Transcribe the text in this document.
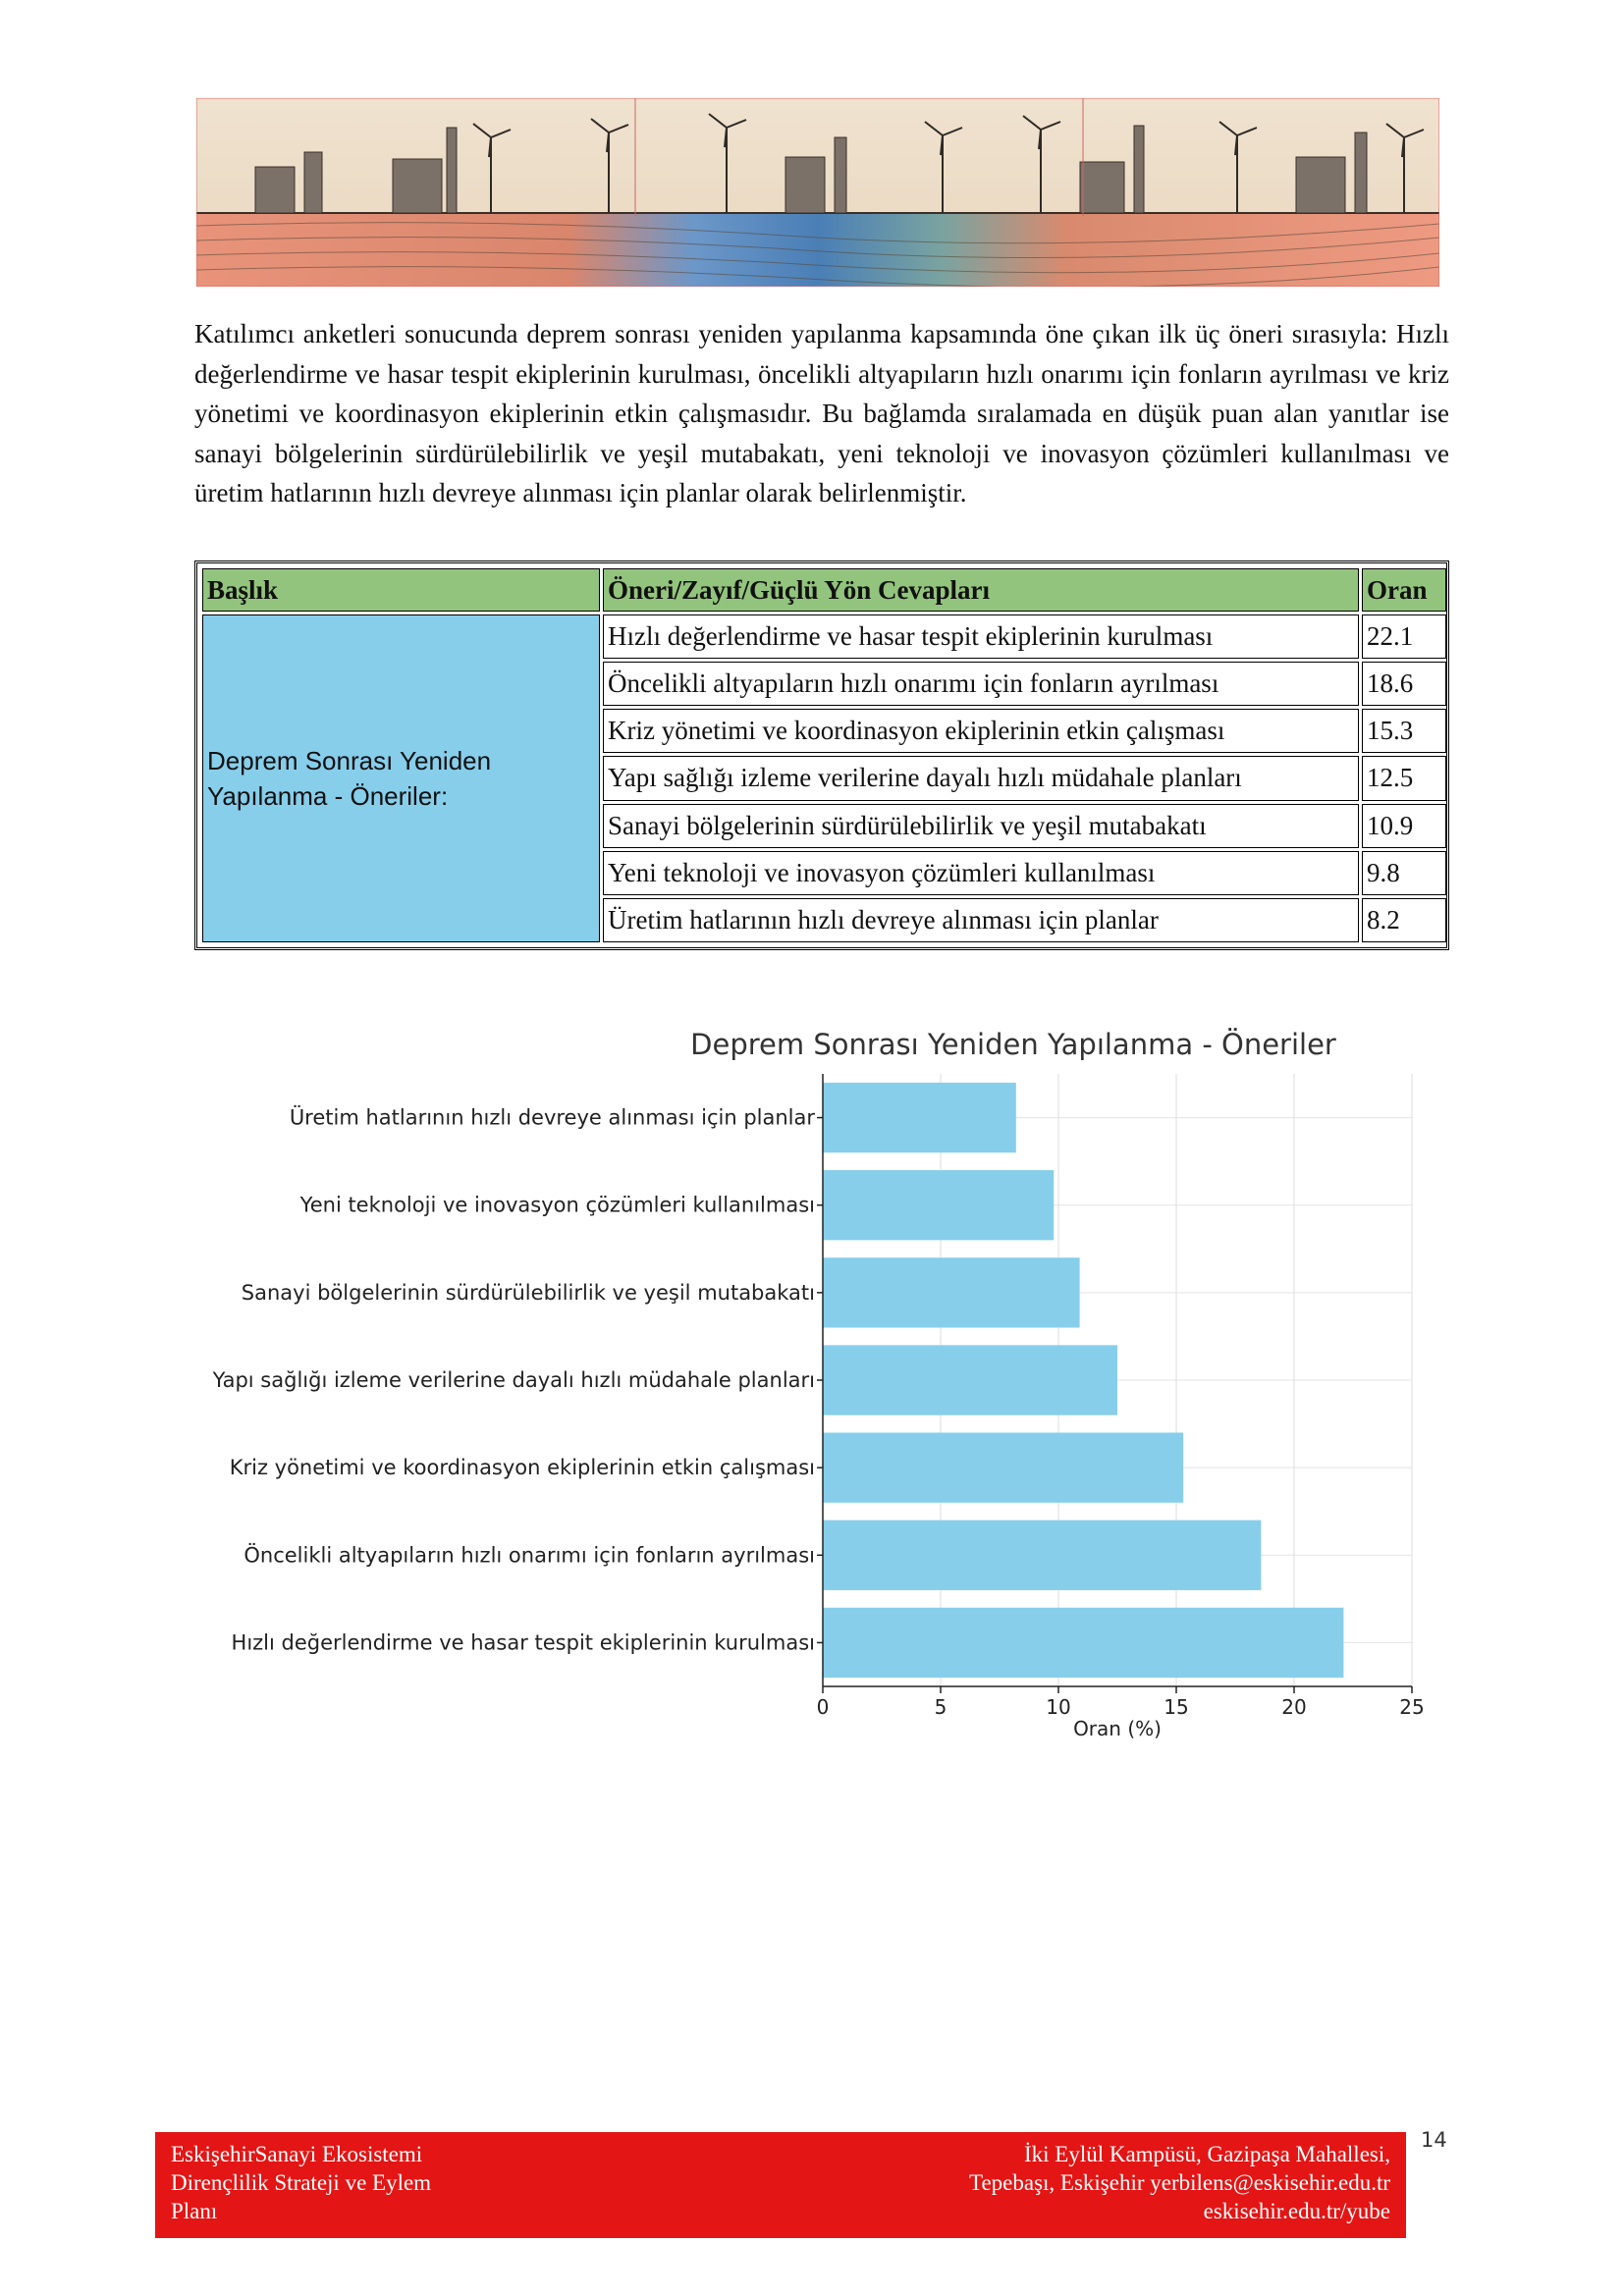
Katılımcı anketleri sonucunda deprem sonrası yeniden yapılanma kapsamında öne çıkan ilk üç öneri sırasıyla: Hızlı değerlendirme ve hasar tespit ekiplerinin kurulması, öncelikli altyapıların hızlı onarımı için fonların ayrılması ve kriz yönetimi ve koordinasyon ekiplerinin etkin çalışmasıdır. Bu bağlamda sıralamada en düşük puan alan yanıtlar ise sanayi bölgelerinin sürdürülebilirlik ve yeşil mutabakatı, yeni teknoloji ve inovasyon çözümleri kullanılması ve üretim hatlarının hızlı devreye alınması için planlar olarak belirlenmiştir.

Başlık	Öneri/Zayıf/Güçlü Yön Cevapları	Oran
Deprem Sonrası Yeniden Yapılanma - Öneriler:	Hızlı değerlendirme ve hasar tespit ekiplerinin kurulması	22.1
	Öncelikli altyapıların hızlı onarımı için fonların ayrılması	18.6
	Kriz yönetimi ve koordinasyon ekiplerinin etkin çalışması	15.3
	Yapı sağlığı izleme verilerine dayalı hızlı müdahale planları	12.5
	Sanayi bölgelerinin sürdürülebilirlik ve yeşil mutabakatı	10.9
	Yeni teknoloji ve inovasyon çözümleri kullanılması	9.8
	Üretim hatlarının hızlı devreye alınması için planlar	8.2
Deprem Sonrası Yeniden Yapılanma - Öneriler
0	5	10	15	20	25
Hızlı değerlendirme ve hasar tespit ekiplerinin kurulması
Öncelikli altyapıların hızlı onarımı için fonların ayrılması
Kriz yönetimi ve koordinasyon ekiplerinin etkin çalışması
Yapı sağlığı izleme verilerine dayalı hızlı müdahale planları
Sanayi bölgelerinin sürdürülebilirlik ve yeşil mutabakatı
Yeni teknoloji ve inovasyon çözümleri kullanılması
Üretim hatlarının hızlı devreye alınması için planlar
Oran (%)
EskişehirSanayi Ekosistemi
Dirençlilik Strateji ve Eylem
Planı
İki Eylül Kampüsü, Gazipaşa Mahallesi,
Tepebaşı, Eskişehir yerbilens@eskisehir.edu.tr
eskisehir.edu.tr/yube
14
